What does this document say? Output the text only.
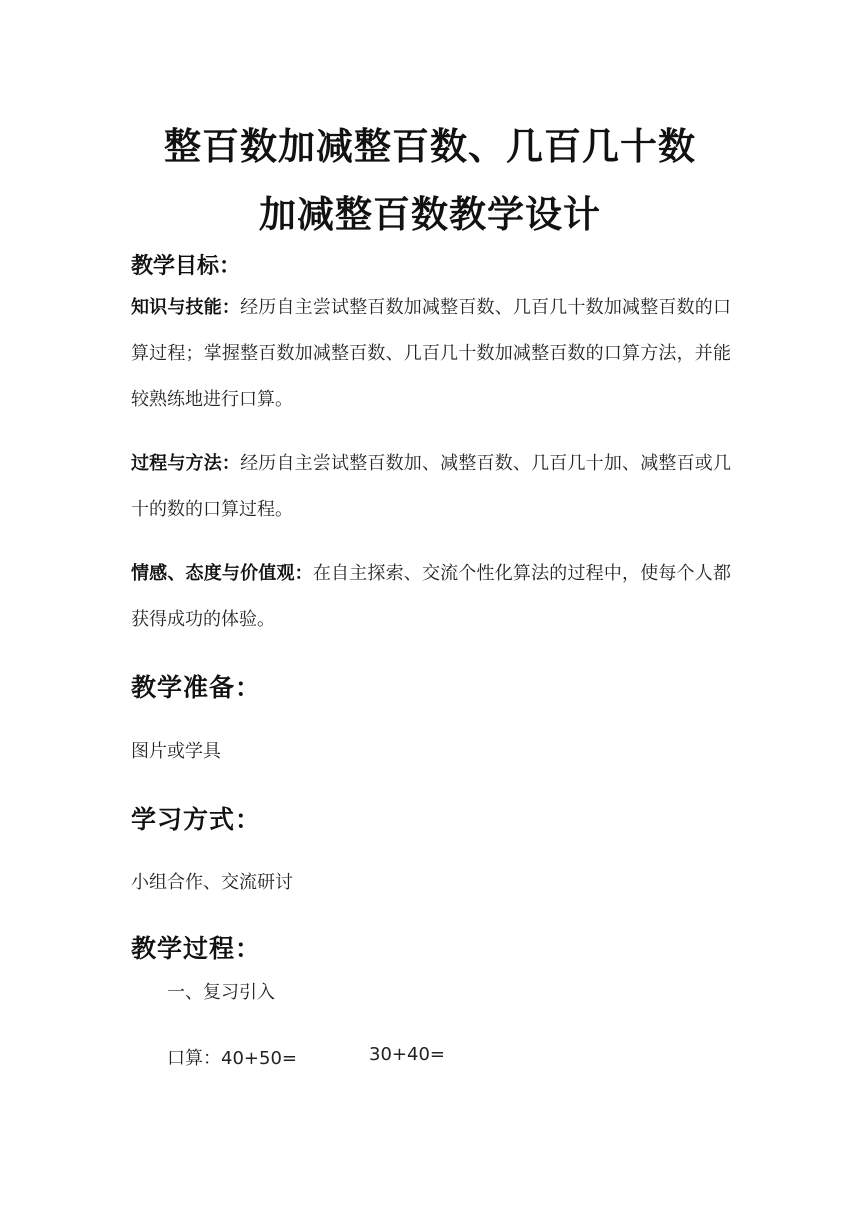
整百数加减整百数、几百几十数
加减整百数教学设计
教学目标：
知识与技能：经历自主尝试整百数加减整百数、几百几十数加减整百数的口算过程；掌握整百数加减整百数、几百几十数加减整百数的口算方法，并能较熟练地进行口算。
过程与方法：经历自主尝试整百数加、减整百数、几百几十加、减整百或几十的数的口算过程。
情感、态度与价值观：在自主探索、交流个性化算法的过程中，使每个人都获得成功的体验。
教学准备：
图片或学具
学习方式：
小组合作、交流研讨
教学过程：
一、复习引入
口算：40+50=	30+40=
